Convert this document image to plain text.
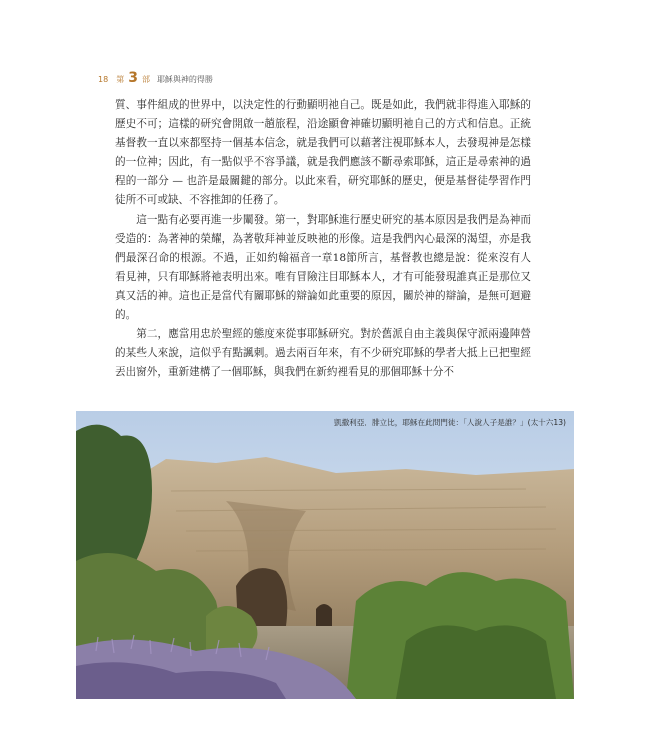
18 第 3 部 耶穌與神的得勝

質、事件組成的世界中，以決定性的行動顯明祂自己。既是如此，我們就非得進入耶穌的歷史不可；這樣的研究會開啟一趟旅程，沿途顯會神確切顯明祂自己的方式和信息。正統基督教一直以來都堅持一個基本信念，就是我們可以藉著注視耶穌本人，去發現神是怎樣的一位神；因此，有一點似乎不容爭議，就是我們應該不斷尋索耶穌，這正是尋索神的過程的一部分 — 也許是最關鍵的部分。以此來看，研究耶穌的歷史，便是基督徒學習作門徒所不可或缺、不容推卸的任務了。

這一點有必要再進一步闡發。第一，對耶穌進行歷史研究的基本原因是我們是為神而受造的：為著神的榮耀，為著敬拜神並反映祂的形像。這是我們內心最深的渴望，亦是我們最深召命的根源。不過，正如約翰福音一章18節所言，基督教也總是說：從來沒有人看見神，只有耶穌將祂表明出來。唯有冒險注目耶穌本人，才有可能發現誰真正是那位又真又活的神。這也正是當代有關耶穌的辯論如此重要的原因，關於神的辯論，是無可迴避的。

第二，應當用忠於聖經的態度來從事耶穌研究。對於舊派自由主義與保守派兩邊陣營的某些人來說，這似乎有點諷刺。過去兩百年來，有不少研究耶穌的學者大抵上已把聖經丟出窗外，重新建構了一個耶穌，與我們在新約裡看見的那個耶穌十分不

凱撒利亞．腓立比，耶穌在此問門徒：「人說人子是誰？」(太十六13)
